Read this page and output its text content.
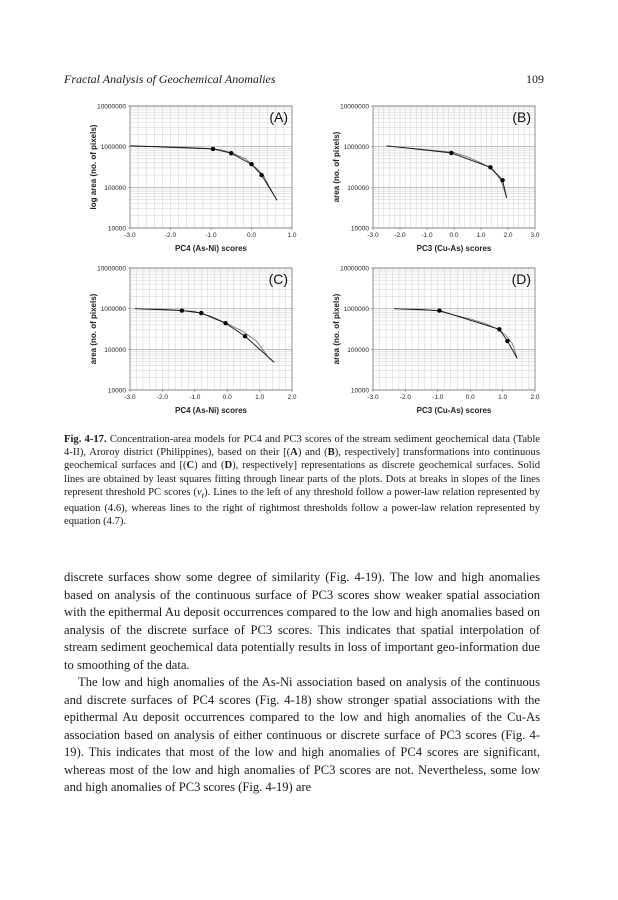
Fractal Analysis of Geochemical Anomalies	109
10000
100000
1000000
10000000
-3.0	-2.0	-1.0	0.0	1.0
PC4 (As-Ni) scores
log area (no. of pixels)
(A)
10000
100000
1000000
10000000
-3.0 -2.0 -1.0	0.0	1.0	2.0	3.0
PC3 (Cu-As) scores
area (no. of pixels)
(B)
10000
100000
1000000
10000000
-3.0	-2.0	-1.0	0.0	1.0	2.0
PC4 (As-Ni) scores
area (no. of pixels)
(C)
10000
100000
1000000
10000000
-3.0	-2.0	-1.0	0.0	1.0	2.0
PC3 (Cu-As) scores
area (no. of pixels)
(D)

Fig. 4-17. Concentration-area models for PC4 and PC3 scores of the stream sediment geochemical data (Table 4-II), Aroroy district (Philippines), based on their [(A) and (B), respectively] transformations into continuous geochemical surfaces and [(C) and (D), respectively] representations as discrete geochemical surfaces. Solid lines are obtained by least squares fitting through linear parts of the plots. Dots at breaks in slopes of the lines represent threshold PC scores $(v_t)$. Lines to the left of any threshold follow a power-law relation represented by equation (4.6), whereas lines to the right of rightmost thresholds follow a power-law relation represented by equation (4.7).

discrete surfaces show some degree of similarity (Fig. 4-19). The low and high anomalies based on analysis of the continuous surface of PC3 scores show weaker spatial association with the epithermal Au deposit occurrences compared to the low and high anomalies based on analysis of the discrete surface of PC3 scores. This indicates that spatial interpolation of stream sediment geochemical data potentially results in loss of important geo-information due to smoothing of the data.

The low and high anomalies of the As-Ni association based on analysis of the continuous and discrete surfaces of PC4 scores (Fig. 4-18) show stronger spatial associations with the epithermal Au deposit occurrences compared to the low and high anomalies of the Cu-As association based on analysis of either continuous or discrete surface of PC3 scores (Fig. 4-19). This indicates that most of the low and high anomalies of PC4 scores are significant, whereas most of the low and high anomalies of PC3 scores are not. Nevertheless, some low and high anomalies of PC3 scores (Fig. 4-19) are
